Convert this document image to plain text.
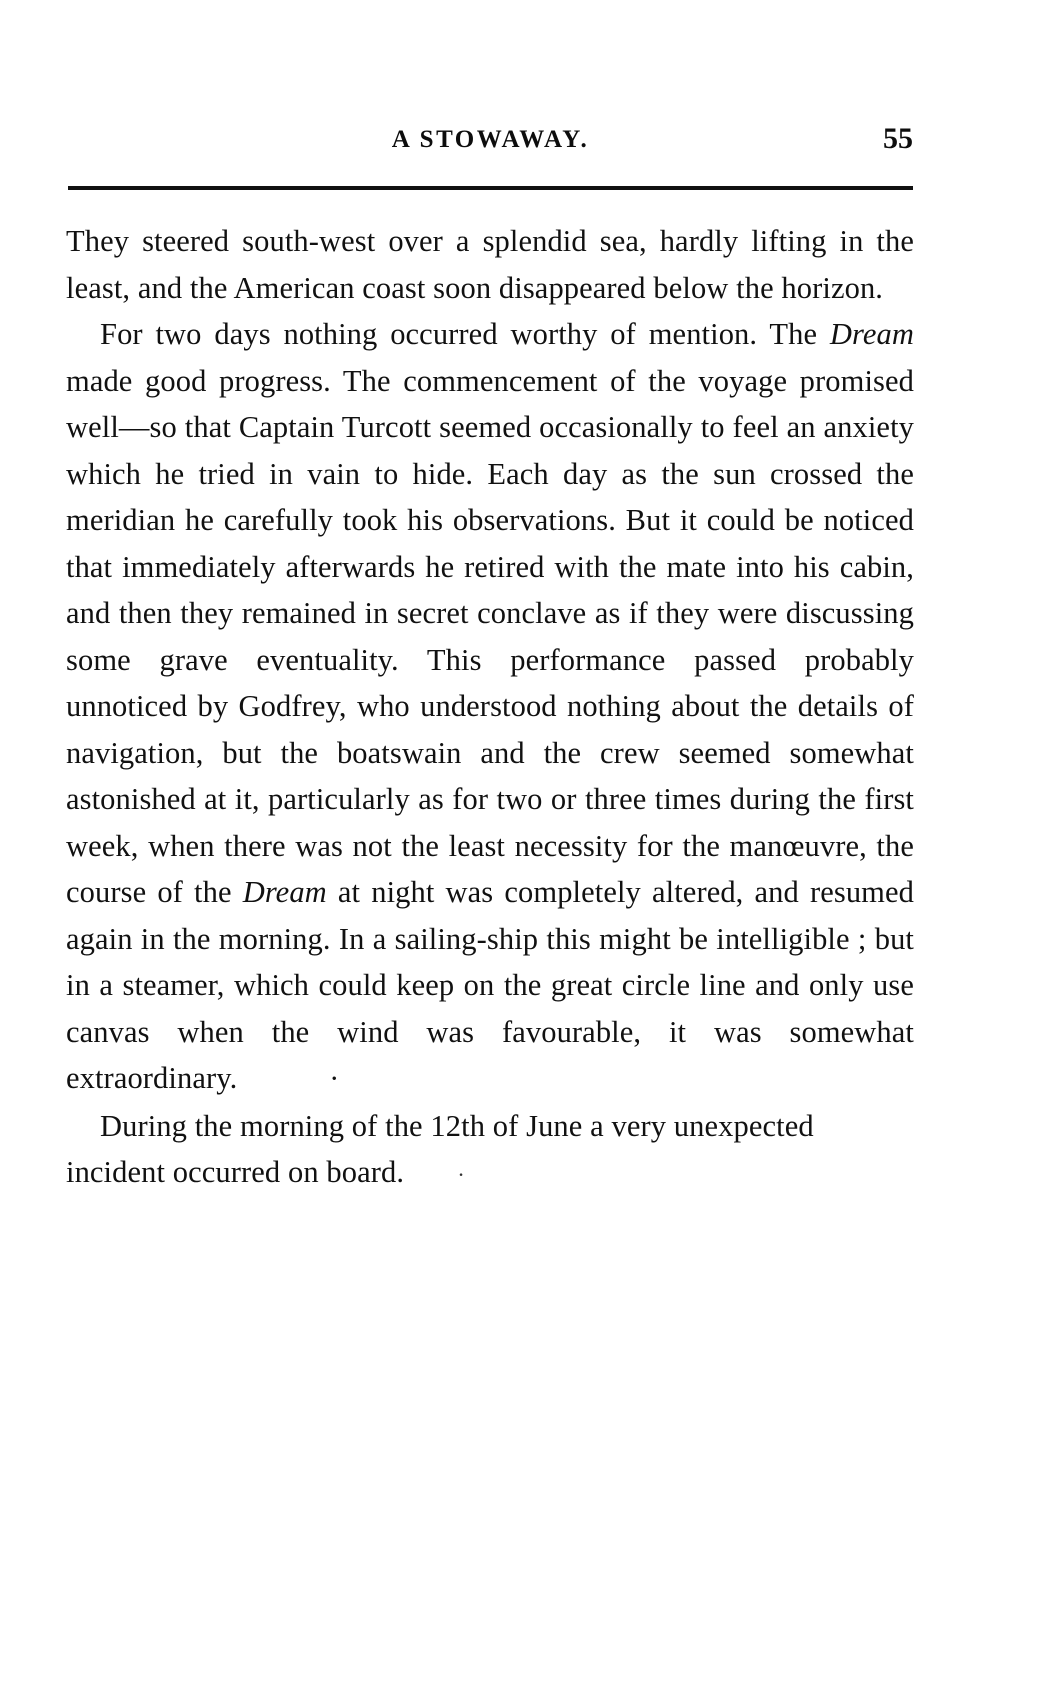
A STOWAWAY.	55

They steered south-west over a splendid sea, hardly lifting in the least, and the American coast soon disappeared below the horizon.

For two days nothing occurred worthy of mention. The Dream made good progress. The commencement of the voyage promised well—so that Captain Turcott seemed occasionally to feel an anxiety which he tried in vain to hide. Each day as the sun crossed the meridian he carefully took his observations. But it could be noticed that immediately afterwards he retired with the mate into his cabin, and then they remained in secret conclave as if they were discussing some grave eventuality. This performance passed probably unnoticed by Godfrey, who understood nothing about the details of navigation, but the boatswain and the crew seemed somewhat astonished at it, particularly as for two or three times during the first week, when there was not the least necessity for the manœuvre, the course of the Dream at night was completely altered, and resumed again in the morning. In a sailing-ship this might be intelligible ; but in a steamer, which could keep on the great circle line and only use canvas when the wind was favourable, it was somewhat extraordinary.	·

During the morning of the 12th of June a very unexpected incident occurred on board. ·
